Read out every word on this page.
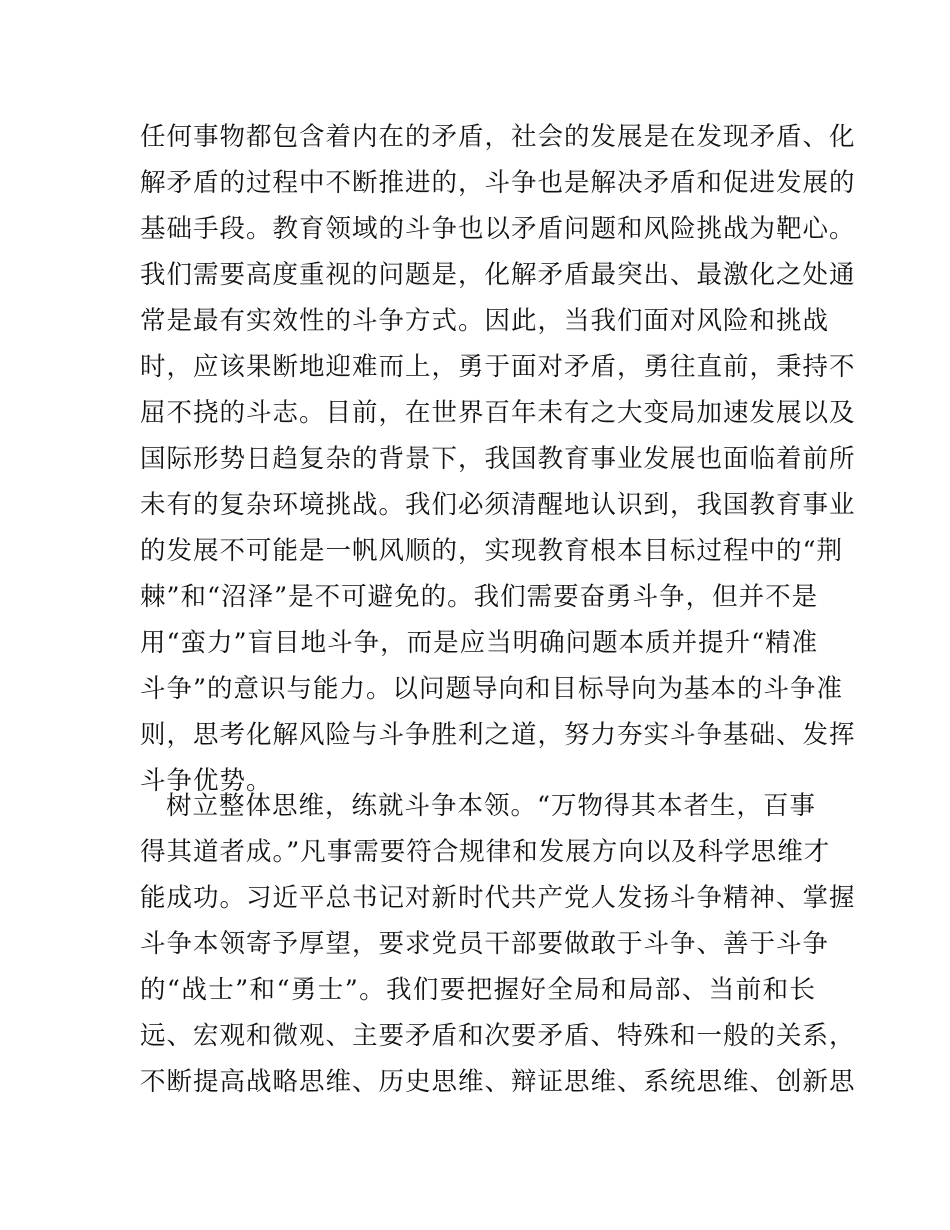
任何事物都包含着内在的矛盾，社会的发展是在发现矛盾、化
解矛盾的过程中不断推进的，斗争也是解决矛盾和促进发展的
基础手段。教育领域的斗争也以矛盾问题和风险挑战为靶心。
我们需要高度重视的问题是，化解矛盾最突出、最激化之处通
常是最有实效性的斗争方式。因此，当我们面对风险和挑战
时，应该果断地迎难而上，勇于面对矛盾，勇往直前，秉持不
屈不挠的斗志。目前，在世界百年未有之大变局加速发展以及
国际形势日趋复杂的背景下，我国教育事业发展也面临着前所
未有的复杂环境挑战。我们必须清醒地认识到，我国教育事业
的发展不可能是一帆风顺的，实现教育根本目标过程中的“荆
棘”和“沼泽”是不可避免的。我们需要奋勇斗争，但并不是
用“蛮力”盲目地斗争，而是应当明确问题本质并提升“精准
斗争”的意识与能力。以问题导向和目标导向为基本的斗争准
则，思考化解风险与斗争胜利之道，努力夯实斗争基础、发挥
斗争优势。
树立整体思维，练就斗争本领。“万物得其本者生，百事
得其道者成。”凡事需要符合规律和发展方向以及科学思维才
能成功。习近平总书记对新时代共产党人发扬斗争精神、掌握
斗争本领寄予厚望，要求党员干部要做敢于斗争、善于斗争
的“战士”和“勇士”。我们要把握好全局和局部、当前和长
远、宏观和微观、主要矛盾和次要矛盾、特殊和一般的关系，
不断提高战略思维、历史思维、辩证思维、系统思维、创新思
